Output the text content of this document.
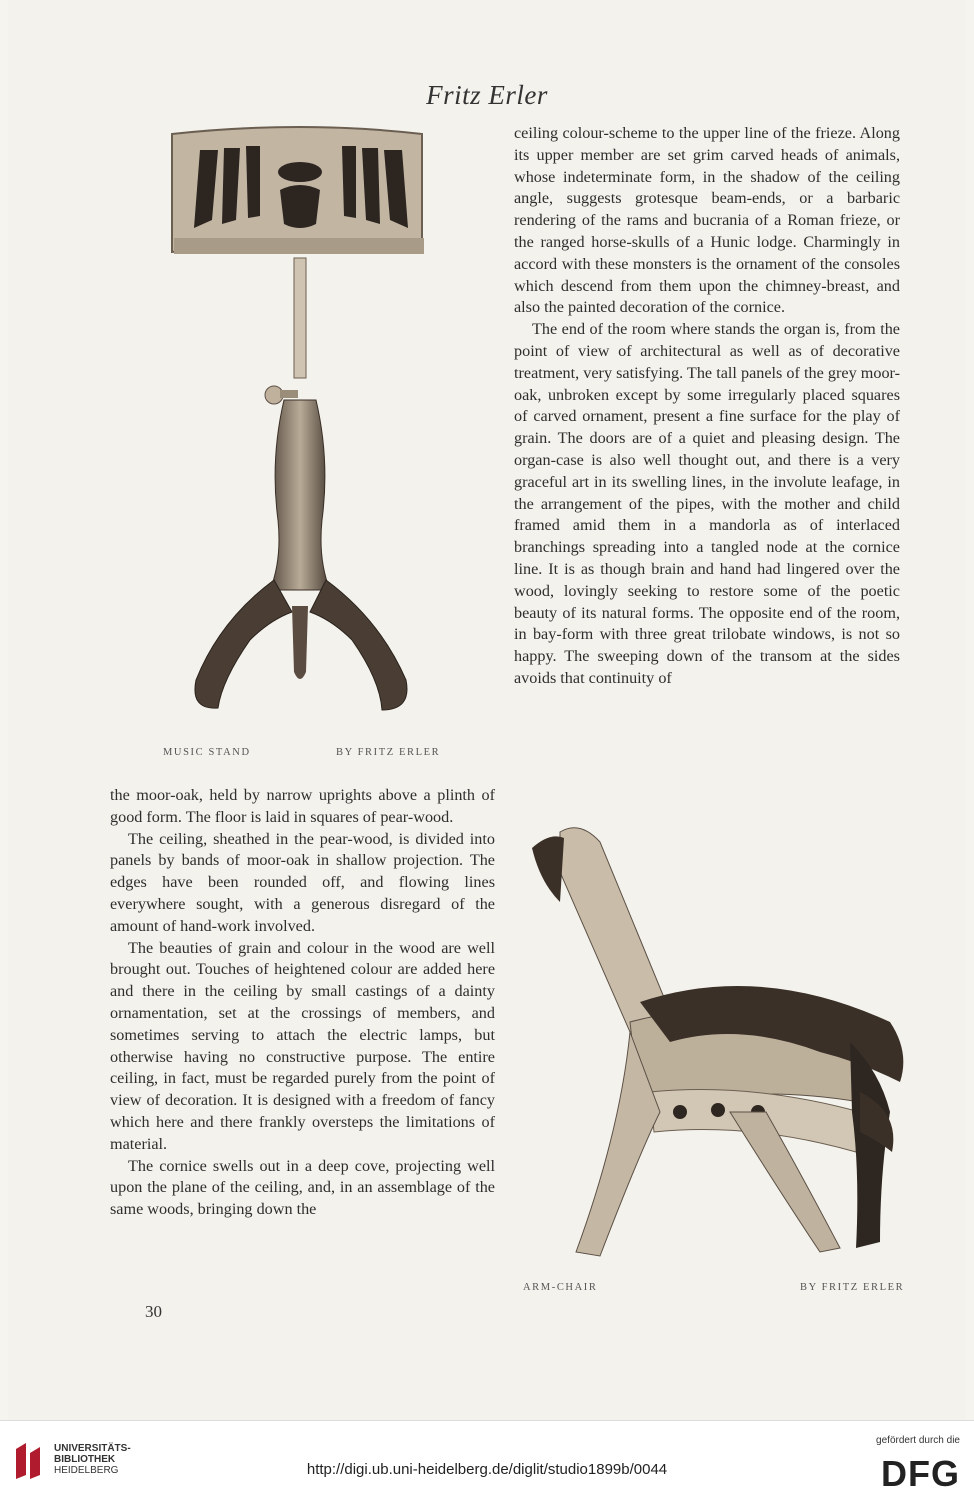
Fritz Erler
MUSIC STAND	BY FRITZ ERLER

ceiling colour-scheme to the upper line of the frieze. Along its upper member are set grim carved heads of animals, whose indeterminate form, in the shadow of the ceiling angle, suggests grotesque beam-ends, or a barbaric rendering of the rams and bucrania of a Roman frieze, or the ranged horse-skulls of a Hunic lodge. Charmingly in accord with these monsters is the ornament of the consoles which descend from them upon the chimney-breast, and also the painted decoration of the cornice.

The end of the room where stands the organ is, from the point of view of architectural as well as of decorative treatment, very satisfying. The tall panels of the grey moor-oak, unbroken except by some irregularly placed squares of carved ornament, present a fine surface for the play of grain. The doors are of a quiet and pleasing design. The organ-case is also well thought out, and there is a very graceful art in its swelling lines, in the involute leafage, in the arrangement of the pipes, with the mother and child framed amid them in a mandorla as of interlaced branchings spreading into a tangled node at the cornice line. It is as though brain and hand had lingered over the wood, lovingly seeking to restore some of the poetic beauty of its natural forms. The opposite end of the room, in bay-form with three great trilobate windows, is not so happy. The sweeping down of the transom at the sides avoids that continuity of

the moor-oak, held by narrow uprights above a plinth of good form. The floor is laid in squares of pear-wood.

The ceiling, sheathed in the pear-wood, is divided into panels by bands of moor-oak in shallow projection. The edges have been rounded off, and flowing lines everywhere sought, with a generous disregard of the amount of hand-work involved.

The beauties of grain and colour in the wood are well brought out. Touches of heightened colour are added here and there in the ceiling by small castings of a dainty ornamentation, set at the crossings of members, and sometimes serving to attach the electric lamps, but otherwise having no constructive purpose. The entire ceiling, in fact, must be regarded purely from the point of view of decoration. It is designed with a freedom of fancy which here and there frankly oversteps the limitations of material.

The cornice swells out in a deep cove, projecting well upon the plane of the ceiling, and, in an assemblage of the same woods, bringing down the

ARM-CHAIR	BY FRITZ ERLER
30
UNIVERSITÄTS-
BIBLIOTHEK
HEIDELBERG	http://digi.ub.uni-heidelberg.de/diglit/studio1899b/0044
gefördert durch die
DFG
